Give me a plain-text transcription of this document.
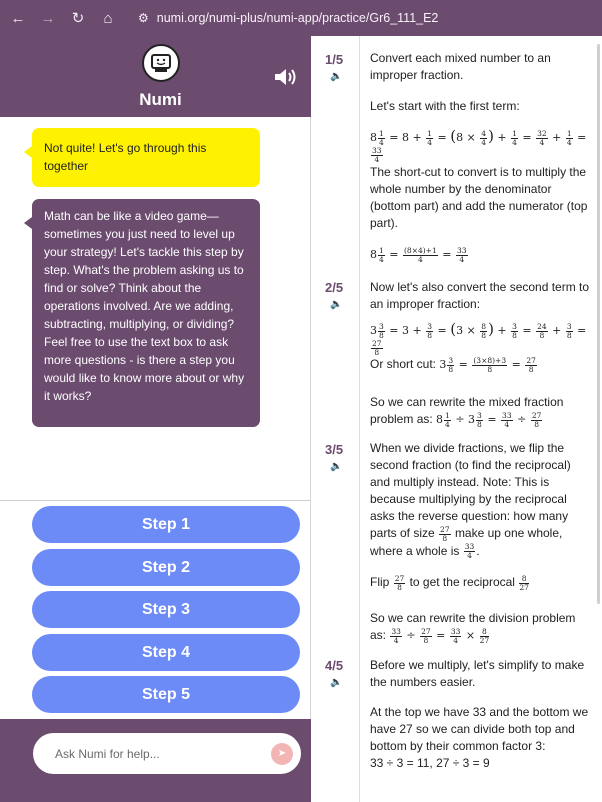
← → ↻	⌂	⚙ numi.org/numi-plus/numi-app/practice/Gr6_111_E2
Numi
Not quite! Let's go through this together
Math can be like a video game—sometimes you just need to level up your strategy! Let's tackle this step by step. What's the problem asking us to find or solve? Think about the operations involved. Are we adding, subtracting, multiplying, or dividing? Feel free to use the text box to ask more questions - is there a step you would like to know more about or why it works?
Step 1
Step 2
Step 3
Step 4
Step 5
Ask Numi for help...
➤
1/5
🔈
2/5
🔈
3/5
🔈
4/5
🔈
Convert each mixed number to an improper fraction.
Let's start with the first term:
$8 \frac{1}{4} = 8 + \frac{1}{4} = (8 \times \frac{4}{4}$ ) + $\frac{1}{4} = \frac{32}{4} + \frac{1}{4}$ =
$\frac{33}{4}$
The short-cut to convert is to multiply the whole number by the denominator (bottom part) and add the numerator (top part).
$8 \frac{1}{4} = \frac{(8\times 4)+1}{4} = \frac{33}{4}$
Now let's also convert the second term to an improper fraction:
$3 \frac{3}{8} = 3 + \frac{3}{8} = (3 \times \frac{8}{8}$ ) + $\frac{3}{8} = \frac{24}{8} + \frac{3}{8}$ =
$\frac{27}{8}$
Or short cut: $3 \frac{3}{8} = \frac{(3\times 8)+3}{8} = \frac{27}{8}$
So we can rewrite the mixed fraction problem as: $8 \frac{1}{4} \div 3 \frac{3}{8} = \frac{33}{4} \div \frac{27}{8}$
When we divide fractions, we flip the second fraction (to find the reciprocal) and multiply instead. Note: This is because multiplying by the reciprocal asks the reverse question: how many parts of size $\frac{27}{8}$ make up one whole, where a whole is $\frac{33}{4}$ .
Flip $\frac{27}{8}$ to get the reciprocal $\frac{8}{27}$
So we can rewrite the division problem as: $\frac{33}{4} \div \frac{27}{8} = \frac{33}{4} \times \frac{8}{27}$
Before we multiply, let's simplify to make the numbers easier.
At the top we have 33 and the bottom we have 27 so we can divide both top and bottom by their common factor 3:
33 ÷ 3 = 11, 27 ÷ 3 = 9
